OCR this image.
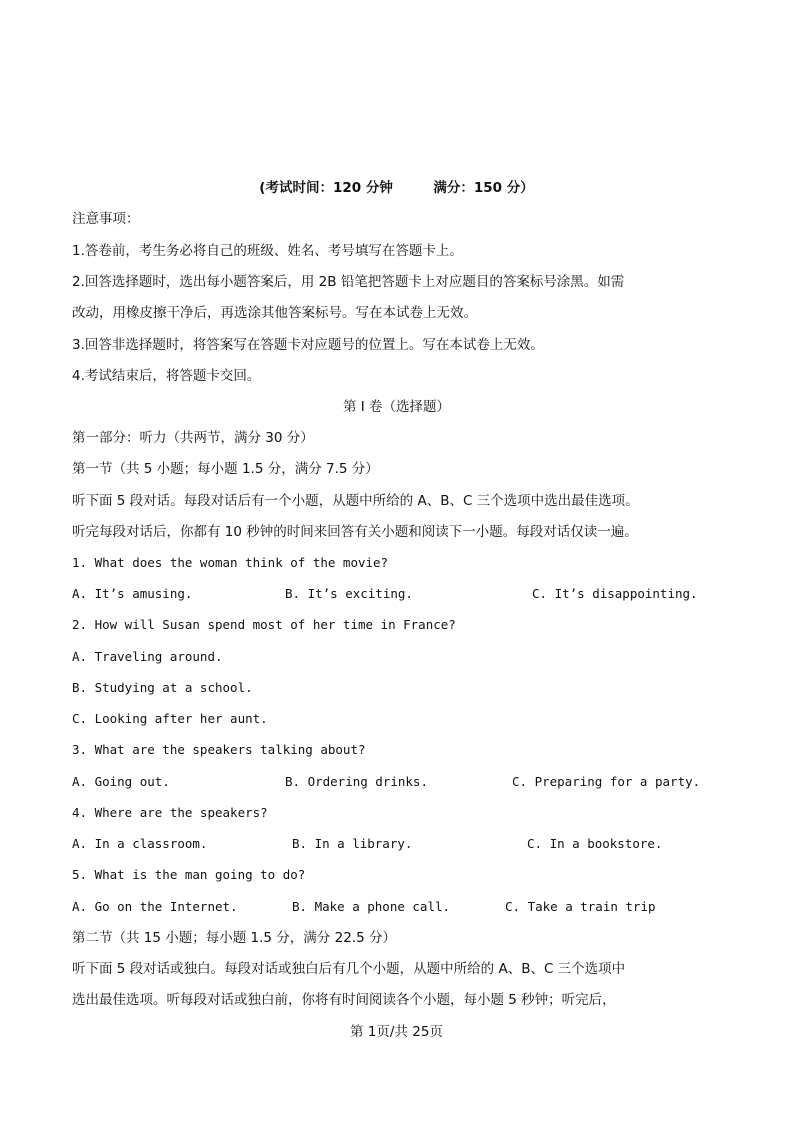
(考试时间：120 分钟　　　满分：150 分）
注意事项：
1.答卷前，考生务必将自己的班级、姓名、考号填写在答题卡上。
2.回答选择题时，选出每小题答案后，用 2B 铅笔把答题卡上对应题目的答案标号涂黑。如需
改动，用橡皮擦干净后，再选涂其他答案标号。写在本试卷上无效。
3.回答非选择题时，将答案写在答题卡对应题号的位置上。写在本试卷上无效。
4.考试结束后，将答题卡交回。
第 I 卷（选择题）
第一部分：听力（共两节，满分 30 分）
第一节（共 5 小题；每小题 1.5 分，满分 7.5 分）
听下面 5 段对话。每段对话后有一个小题，从题中所给的 A、B、C 三个选项中选出最佳选项。
听完每段对话后，你都有 10 秒钟的时间来回答有关小题和阅读下一小题。每段对话仅读一遍。
1. What does the woman think of the movie?
A. It’s amusing.	B. It’s exciting.	C. It’s disappointing.
2. How will Susan spend most of her time in France?
A. Traveling around.
B. Studying at a school.
C. Looking after her aunt.
3. What are the speakers talking about?
A. Going out.	B. Ordering drinks.	C. Preparing for a party.
4. Where are the speakers?
A. In a classroom.	B. In a library.	C. In a bookstore.
5. What is the man going to do?
A. Go on the Internet.	B. Make a phone call.	C. Take a train trip
第二节（共 15 小题；每小题 1.5 分，满分 22.5 分）
听下面 5 段对话或独白。每段对话或独白后有几个小题，从题中所给的 A、B、C 三个选项中
选出最佳选项。听每段对话或独白前，你将有时间阅读各个小题，每小题 5 秒钟；听完后，
第 1页/共 25页
